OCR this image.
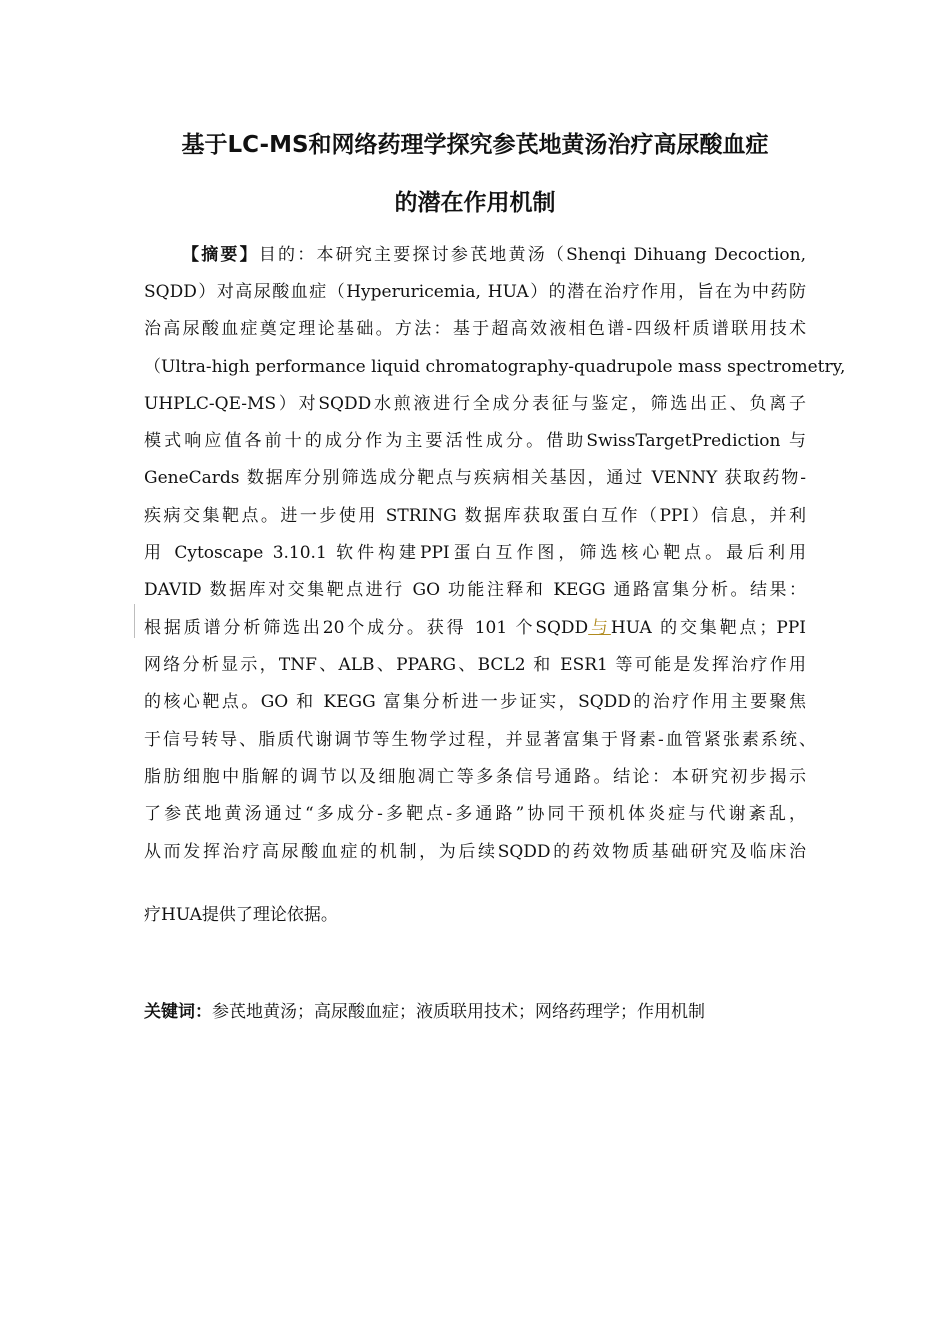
基于LC-MS和网络药理学探究参芪地黄汤治疗高尿酸血症
的潜在作用机制
【摘要】目的：本研究主要探讨参芪地黄汤（Shenqi Dihuang Decoction,
SQDD）对高尿酸血症（Hyperuricemia, HUA）的潜在治疗作用，旨在为中药防
治高尿酸血症奠定理论基础。方法：基于超高效液相色谱-四级杆质谱联用技术
（Ultra-high performance liquid chromatography-quadrupole mass spectrometry,
UHPLC-QE-MS）对SQDD水煎液进行全成分表征与鉴定，筛选出正、负离子
模式响应值各前十的成分作为主要活性成分。借助SwissTargetPrediction 与
GeneCards 数据库分别筛选成分靶点与疾病相关基因，通过 VENNY 获取药物-
疾病交集靶点。进一步使用 STRING 数据库获取蛋白互作（PPI）信息，并利
用 Cytoscape 3.10.1 软件构建PPI蛋白互作图，筛选核心靶点。最后利用
DAVID 数据库对交集靶点进行 GO 功能注释和 KEGG 通路富集分析。结果：
根据质谱分析筛选出20个成分。获得 101 个SQDD与HUA 的交集靶点；PPI
网络分析显示，TNF、ALB、PPARG、BCL2 和 ESR1 等可能是发挥治疗作用
的核心靶点。GO 和 KEGG 富集分析进一步证实，SQDD的治疗作用主要聚焦
于信号转导、脂质代谢调节等生物学过程，并显著富集于肾素-血管紧张素系统、
脂肪细胞中脂解的调节以及细胞凋亡等多条信号通路。结论：本研究初步揭示
了参芪地黄汤通过“多成分-多靶点-多通路”协同干预机体炎症与代谢紊乱，
从而发挥治疗高尿酸血症的机制，为后续SQDD的药效物质基础研究及临床治
疗HUA提供了理论依据。
关键词：参芪地黄汤；高尿酸血症；液质联用技术；网络药理学；作用机制
